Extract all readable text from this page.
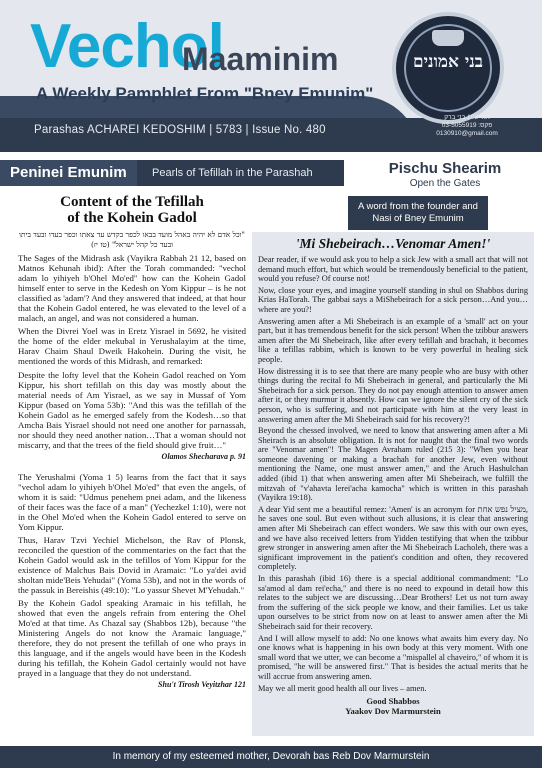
Vechol
Maaminim
A Weekly Pamphlet From "Bney Emunim"
Parashas ACHAREI KEDOSHIM | 5783 | Issue No. 480
בני אמונים
ת.ד 102 בני ברק
פקס: 03-5055919
0130910@gmail.com
Peninei Emunim	Pearls of Tefillah in the Parashah
Content of the Tefillah
of the Kohein Gadol
"וכל אדם לא יהיה באהל מועד בבאו לכפר בקדש עד צאתו וכפר בעדו ובעד ביתו ובעד כל קהל ישראל" (טז יז)

The Sages of the Midrash ask (Vayikra Rabbah 21 12, based on Matnos Kehunah ibid): After the Torah commanded: "vechol adam lo yihiyeh b'Ohel Mo'ed" how can the Kohein Gadol himself enter to serve in the Kedesh on Yom Kippur – is he not classified as 'adam'? And they answered that indeed, at that hour that the Kohein Gadol entered, he was elevated to the level of a malach, an angel, and was not considered a human.

When the Divrei Yoel was in Eretz Yisrael in 5692, he visited the home of the elder mekubal in Yerushalayim at the time, Harav Chaim Shaul Dweik Hakohein. During the visit, he mentioned the words of this Midrash, and remarked:

Despite the lofty level that the Kohein Gadol reached on Yom Kippur, his short tefillah on this day was mostly about the material needs of Am Yisrael, as we say in Mussaf of Yom Kippur (based on Yoma 53b): "And this was the tefillah of the Kohein Gadol as he emerged safely from the Kodesh…so that Amcha Bais Yisrael should not need one another for parnassah, nor should they need another nation…That a woman should not miscarry, and that the trees of the field should give fruit…"

Olamos Shecharava p. 91

The Yerushalmi (Yoma 1 5) learns from the fact that it says "vechol adam lo yihiyeh b'Ohel Mo'ed" that even the angels, of whom it is said: "Udmus penehem pnei adam, and the likeness of their faces was the face of a man" (Yechezkel 1:10), were not in the Ohel Mo'ed when the Kohein Gadol entered to serve on Yom Kippur.

Thus, Harav Tzvi Yechiel Michelson, the Rav of Plonsk, reconciled the question of the commentaries on the fact that the Kohein Gadol would ask in the tefillos of Yom Kippur for the existence of Malchus Bais Dovid in Aramaic: "Lo ya'dei avid sholtan mide'Beis Yehudai" (Yoma 53b), and not in the words of the passuk in Bereishis (49:10): "Lo yassur Shevet M'Yehudah."

By the Kohein Gadol speaking Aramaic in his tefillah, he showed that even the angels refrain from entering the Ohel Mo'ed at that time. As Chazal say (Shabbos 12b), because "the Ministering Angels do not know the Aramaic language," therefore, they do not present the tefillah of one who prays in this language, and if the angels would have been in the Kodesh during his tefillah, the Kohein Gadol certainly would not have prayed in a language that they do not understand.

Shu't Tirosh Veyitzhar 121
Pischu Shearim
Open the Gates
A word from the founder and Nasi of Bney Emunim
'Mi Shebeirach…Venomar Amen!'

Dear reader, if we would ask you to help a sick Jew with a small act that will not demand much effort, but which would be tremendously beneficial to the patient, would you refuse? Of course not!

Now, close your eyes, and imagine yourself standing in shul on Shabbos during Krias HaTorah. The gabbai says a MiShebeirach for a sick person…And you…where are you?!

Answering amen after a Mi Shebeirach is an example of a 'small' act on your part, but it has tremendous benefit for the sick person! When the tzibbur answers amen after the Mi Shebeirach, like after every tefillah and brachah, it becomes like a tefillas rabbim, which is known to be very powerful in healing sick people.

How distressing it is to see that there are many people who are busy with other things during the recital fo Mi Shebeirach in general, and particularly the Mi Shebeirach for a sick person. They do not pay enough attention to answer amen after it, or they murmur it absently. How can we ignore the silent cry of the sick person, who is suffering, and not participate with him at the very least in answering amen after the Mi Shebeirach said for his recovery?!

Beyond the chessed involved, we need to know that answering amen after a Mi Sheirach is an absolute obligation. It is not for naught that the final two words are "Venomar amen"! The Magen Avraham ruled (215 3): "When you hear someone davening or making a brachah for another Jew, even without mentioning the Name, one must answer amen," and the Aruch Hashulchan added (ibid 1) that when answering amen after Mi Shebeirach, we fulfill the mitzvah of "v'ahavta lerei'acha kamocha" which is written in this parashah (Vayikra 19:18).

A dear Yid sent me a beautiful remez: 'Amen' is an acronym for מציל נפש אחת, he saves one soul. But even without such allusions, it is clear that answering amen after Mi Shebeirach can effect wonders. We saw this with our own eyes, and we have also received letters from Yidden testifying that when the tzibbur grew stronger in answering amen after the Mi Shebeirach Lacholeh, there was a significant improvement in the patient's condition and often, they recovered completely.

In this parashah (ibid 16) there is a special additional commandment: "Lo sa'amod al dam rei'echa," and there is no need to expound in detail how this relates to the subject we are discussing…Dear Brothers! Let us not turn away from the suffering of the sick people we know, and their families. Let us take upon ourselves to be strict from now on at least to answer amen after the Mi Shebeirach said for their recovery.

And I will allow myself to add: No one knows what awaits him every day. No one knows what is happening in his own body at this very moment. With one small word that we utter, we can become a "mispallel al chaveiro," of whom it is promised, "he will be answered first." That is besides the actual merits that he will accrue from answering amen.

May we all merit good health all our lives – amen.

Good Shabbos
Yaakov Dov Marmurstein
In memory of my esteemed mother, Devorah bas Reb Dov Marmurstein
